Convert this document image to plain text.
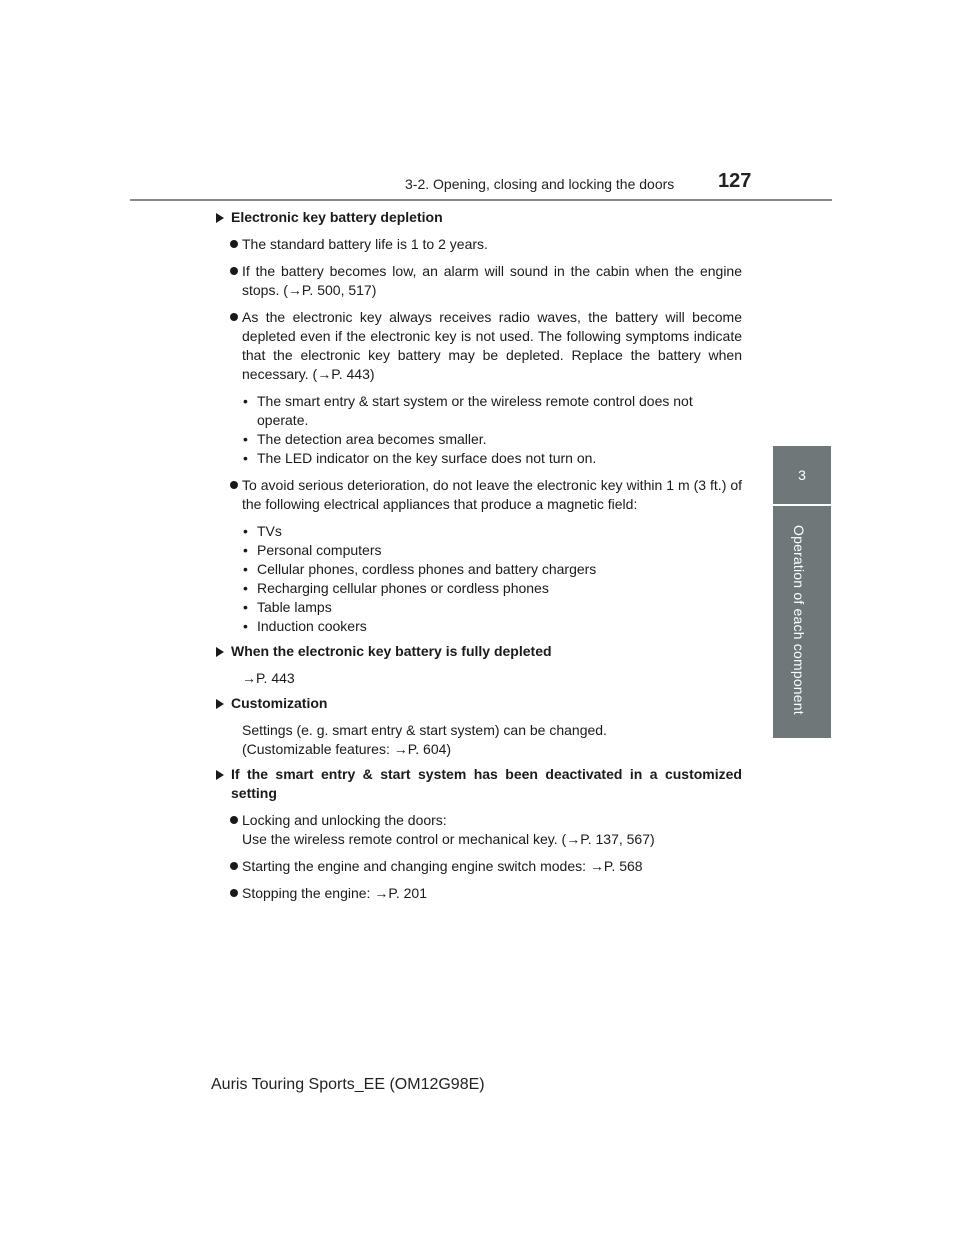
3-2. Opening, closing and locking the doors 127
3
Operation of each component
Electronic key battery depletion
The standard battery life is 1 to 2 years.
If the battery becomes low, an alarm will sound in the cabin when the engine stops. (→P. 500, 517)
As the electronic key always receives radio waves, the battery will become depleted even if the electronic key is not used. The following symptoms indicate that the electronic key battery may be depleted. Replace the battery when necessary. (→P. 443)
• The smart entry & start system or the wireless remote control does not operate.
• The detection area becomes smaller.
• The LED indicator on the key surface does not turn on.
To avoid serious deterioration, do not leave the electronic key within 1 m (3 ft.) of the following electrical appliances that produce a magnetic field:
• TVs
• Personal computers
• Cellular phones, cordless phones and battery chargers
• Recharging cellular phones or cordless phones
• Table lamps
• Induction cookers
When the electronic key battery is fully depleted
→P. 443
Customization
Settings (e. g. smart entry & start system) can be changed.
(Customizable features: →P. 604)
If the smart entry & start system has been deactivated in a customized setting
Locking and unlocking the doors:
Use the wireless remote control or mechanical key. (→P. 137, 567)
Starting the engine and changing engine switch modes: →P. 568
Stopping the engine: →P. 201
Auris Touring Sports_EE (OM12G98E)
